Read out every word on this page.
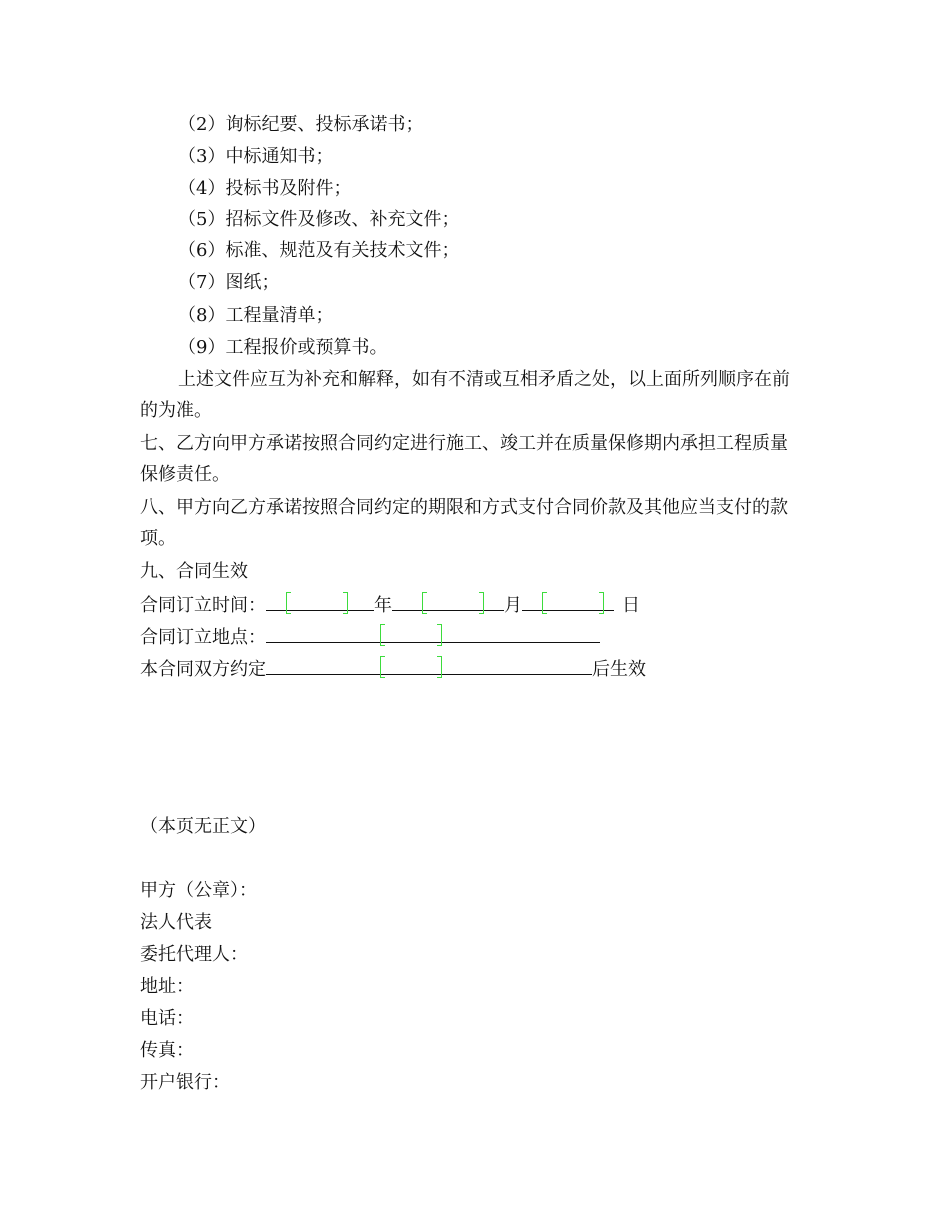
（2）询标纪要、投标承诺书；
（3）中标通知书；
（4）投标书及附件；
（5）招标文件及修改、补充文件；
（6）标准、规范及有关技术文件；
（7）图纸；
（8）工程量清单；
（9）工程报价或预算书。
上述文件应互为补充和解释，如有不清或互相矛盾之处，以上面所列顺序在前
的为准。
七、乙方向甲方承诺按照合同约定进行施工、竣工并在质量保修期内承担工程质量
保修责任。
八、甲方向乙方承诺按照合同约定的期限和方式支付合同价款及其他应当支付的款
项。
九、合同生效
合同订立时间：	年	月	日
合同订立地点：
本合同双方约定	后生效
（本页无正文）
甲方（公章）：
法人代表
委托代理人：
地址：
电话：
传真：
开户银行：
